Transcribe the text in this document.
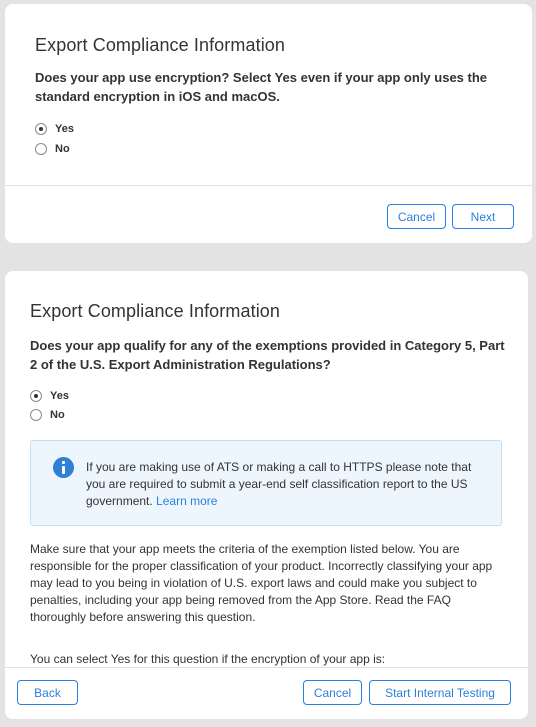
Export Compliance Information
Does your app use encryption? Select Yes even if your app only uses the standard encryption in iOS and macOS.
Yes
No
Cancel	Next
Export Compliance Information
Does your app qualify for any of the exemptions provided in Category 5, Part 2 of the U.S. Export Administration Regulations?
Yes
No
If you are making use of ATS or making a call to HTTPS please note that you are required to submit a year-end self classification report to the US government. Learn more
Make sure that your app meets the criteria of the exemption listed below. You are responsible for the proper classification of your product. Incorrectly classifying your app may lead to you being in violation of U.S. export laws and could make you subject to penalties, including your app being removed from the App Store. Read the FAQ thoroughly before answering this question.
You can select Yes for this question if the encryption of your app is:
Back	Cancel	Start Internal Testing
